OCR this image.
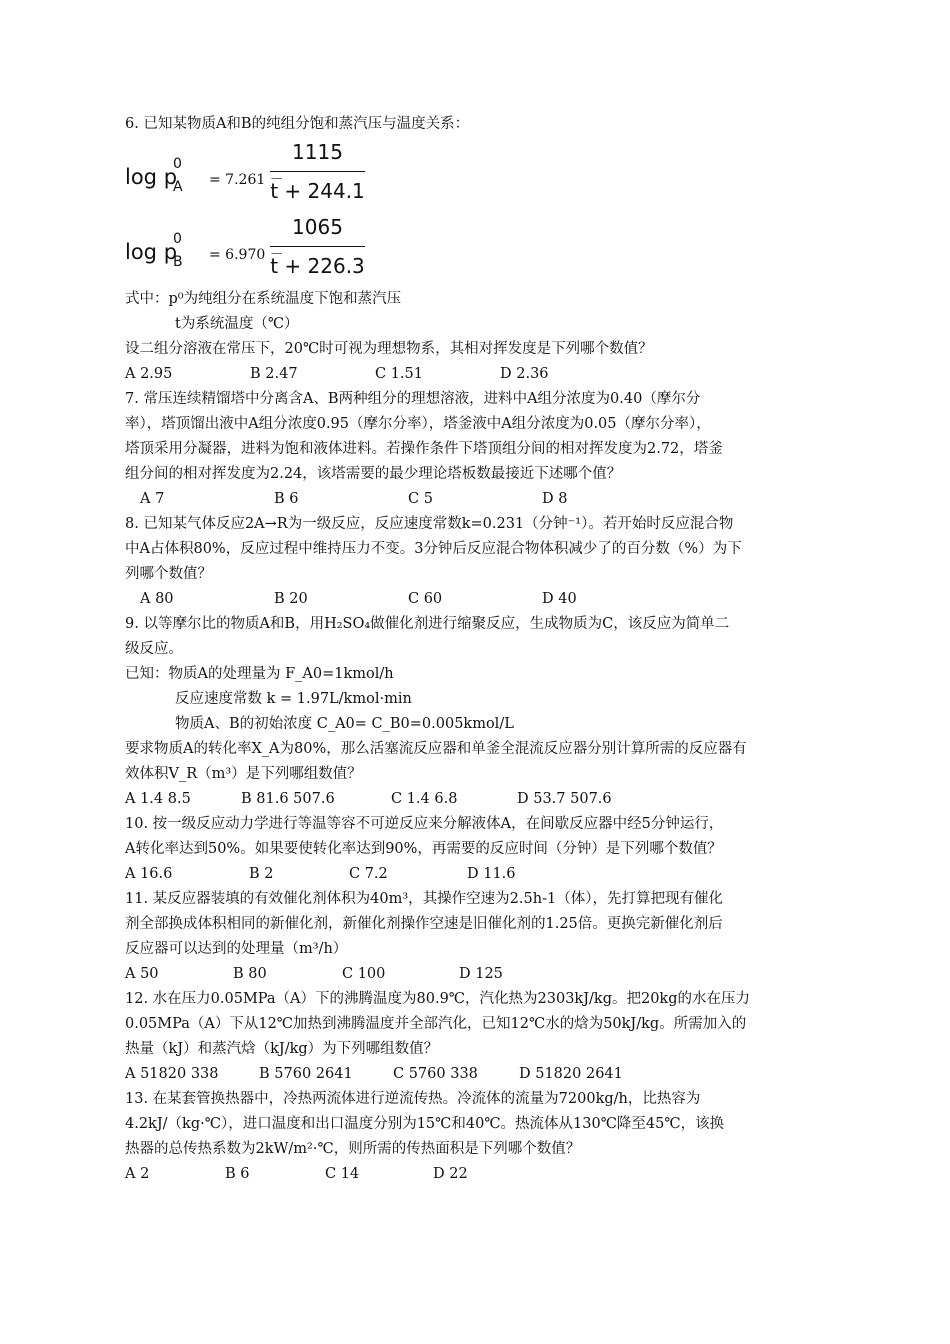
6. 已知某物质A和B的纯组分饱和蒸汽压与温度关系：
log p
0
A = 7.261 －
1115
t + 244.1
log p
0
B = 6.970 －
1065
t + 226.3
式中：p⁰为纯组分在系统温度下饱和蒸汽压
t为系统温度（℃）
设二组分溶液在常压下，20℃时可视为理想物系，其相对挥发度是下列哪个数值？
A 2.95	B 2.47	C 1.51	D 2.36
7. 常压连续精馏塔中分离含A、B两种组分的理想溶液，进料中A组分浓度为0.40（摩尔分
率），塔顶馏出液中A组分浓度0.95（摩尔分率），塔釜液中A组分浓度为0.05（摩尔分率），
塔顶采用分凝器，进料为饱和液体进料。若操作条件下塔顶组分间的相对挥发度为2.72，塔釜
组分间的相对挥发度为2.24，该塔需要的最少理论塔板数最接近下述哪个值？
A 7	B 6	C 5	D 8
8. 已知某气体反应2A→R为一级反应，反应速度常数k=0.231（分钟⁻¹）。若开始时反应混合物
中A占体积80%，反应过程中维持压力不变。3分钟后反应混合物体积减少了的百分数（%）为下
列哪个数值？
A 80	B 20	C 60	D 40
9. 以等摩尔比的物质A和B，用H₂SO₄做催化剂进行缩聚反应，生成物质为C，该反应为简单二
级反应。
已知：物质A的处理量为 F_A0=1kmol/h
反应速度常数 k = 1.97L/kmol·min
物质A、B的初始浓度 C_A0= C_B0=0.005kmol/L
要求物质A的转化率X_A为80%，那么活塞流反应器和单釜全混流反应器分别计算所需的反应器有
效体积V_R（m³）是下列哪组数值？
A 1.4 8.5	B 81.6 507.6	C 1.4 6.8	D 53.7 507.6
10. 按一级反应动力学进行等温等容不可逆反应来分解液体A，在间歇反应器中经5分钟运行，
A转化率达到50%。如果要使转化率达到90%，再需要的反应时间（分钟）是下列哪个数值？
A 16.6	B 2	C 7.2	D 11.6
11. 某反应器装填的有效催化剂体积为40m³，其操作空速为2.5h-1（体），先打算把现有催化
剂全部换成体积相同的新催化剂，新催化剂操作空速是旧催化剂的1.25倍。更换完新催化剂后
反应器可以达到的处理量（m³/h）
A 50	B 80	C 100	D 125
12. 水在压力0.05MPa（A）下的沸腾温度为80.9℃，汽化热为2303kJ/kg。把20kg的水在压力
0.05MPa（A）下从12℃加热到沸腾温度并全部汽化，已知12℃水的焓为50kJ/kg。所需加入的
热量（kJ）和蒸汽焓（kJ/kg）为下列哪组数值？
A 51820 338	B 5760 2641	C 5760 338	D 51820 2641
13. 在某套管换热器中，冷热两流体进行逆流传热。冷流体的流量为7200kg/h，比热容为
4.2kJ/（kg·℃），进口温度和出口温度分别为15℃和40℃。热流体从130℃降至45℃，该换
热器的总传热系数为2kW/m²·℃，则所需的传热面积是下列哪个数值？
A 2	B 6	C 14	D 22
